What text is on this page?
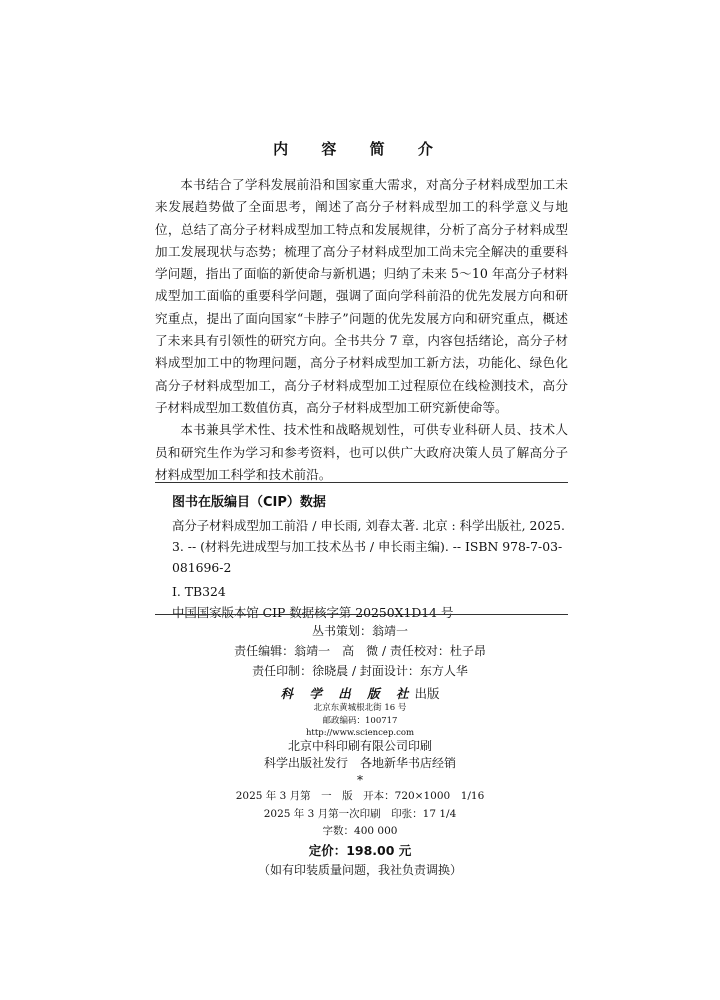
内 容 简 介

本书结合了学科发展前沿和国家重大需求，对高分子材料成型加工未来发展趋势做了全面思考，阐述了高分子材料成型加工的科学意义与地位，总结了高分子材料成型加工特点和发展规律，分析了高分子材料成型加工发展现状与态势；梳理了高分子材料成型加工尚未完全解决的重要科学问题，指出了面临的新使命与新机遇；归纳了未来 5～10 年高分子材料成型加工面临的重要科学问题，强调了面向学科前沿的优先发展方向和研究重点，提出了面向国家“卡脖子”问题的优先发展方向和研究重点，概述了未来具有引领性的研究方向。全书共分 7 章，内容包括绪论，高分子材料成型加工中的物理问题，高分子材料成型加工新方法，功能化、绿色化高分子材料成型加工，高分子材料成型加工过程原位在线检测技术，高分子材料成型加工数值仿真，高分子材料成型加工研究新使命等。

本书兼具学术性、技术性和战略规划性，可供专业科研人员、技术人员和研究生作为学习和参考资料，也可以供广大政府决策人员了解高分子材料成型加工科学和技术前沿。

图书在版编目（CIP）数据
高分子材料成型加工前沿 / 申长雨, 刘春太著. 北京 : 科学出版社, 2025. 3. -- (材料先进成型与加工技术丛书 / 申长雨主编). -- ISBN 978-7-03-081696-2
Ⅰ. TB324
中国国家版本馆 CIP 数据核字第 20250X1D14 号
丛书策划：翁靖一
责任编辑：翁靖一　高　微 / 责任校对：杜子昂
责任印制：徐晓晨 / 封面设计：东方人华
科 学 出 版 社出版
北京东黄城根北街 16 号
邮政编码：100717
http://www.sciencep.com
北京中科印刷有限公司印刷
科学出版社发行　各地新华书店经销
*
2025 年 3 月第　一　版　开本：720×1000　1/16
2025 年 3 月第一次印刷　印张：17 1/4
字数：400 000
定价：198.00 元
（如有印装质量问题，我社负责调换）
